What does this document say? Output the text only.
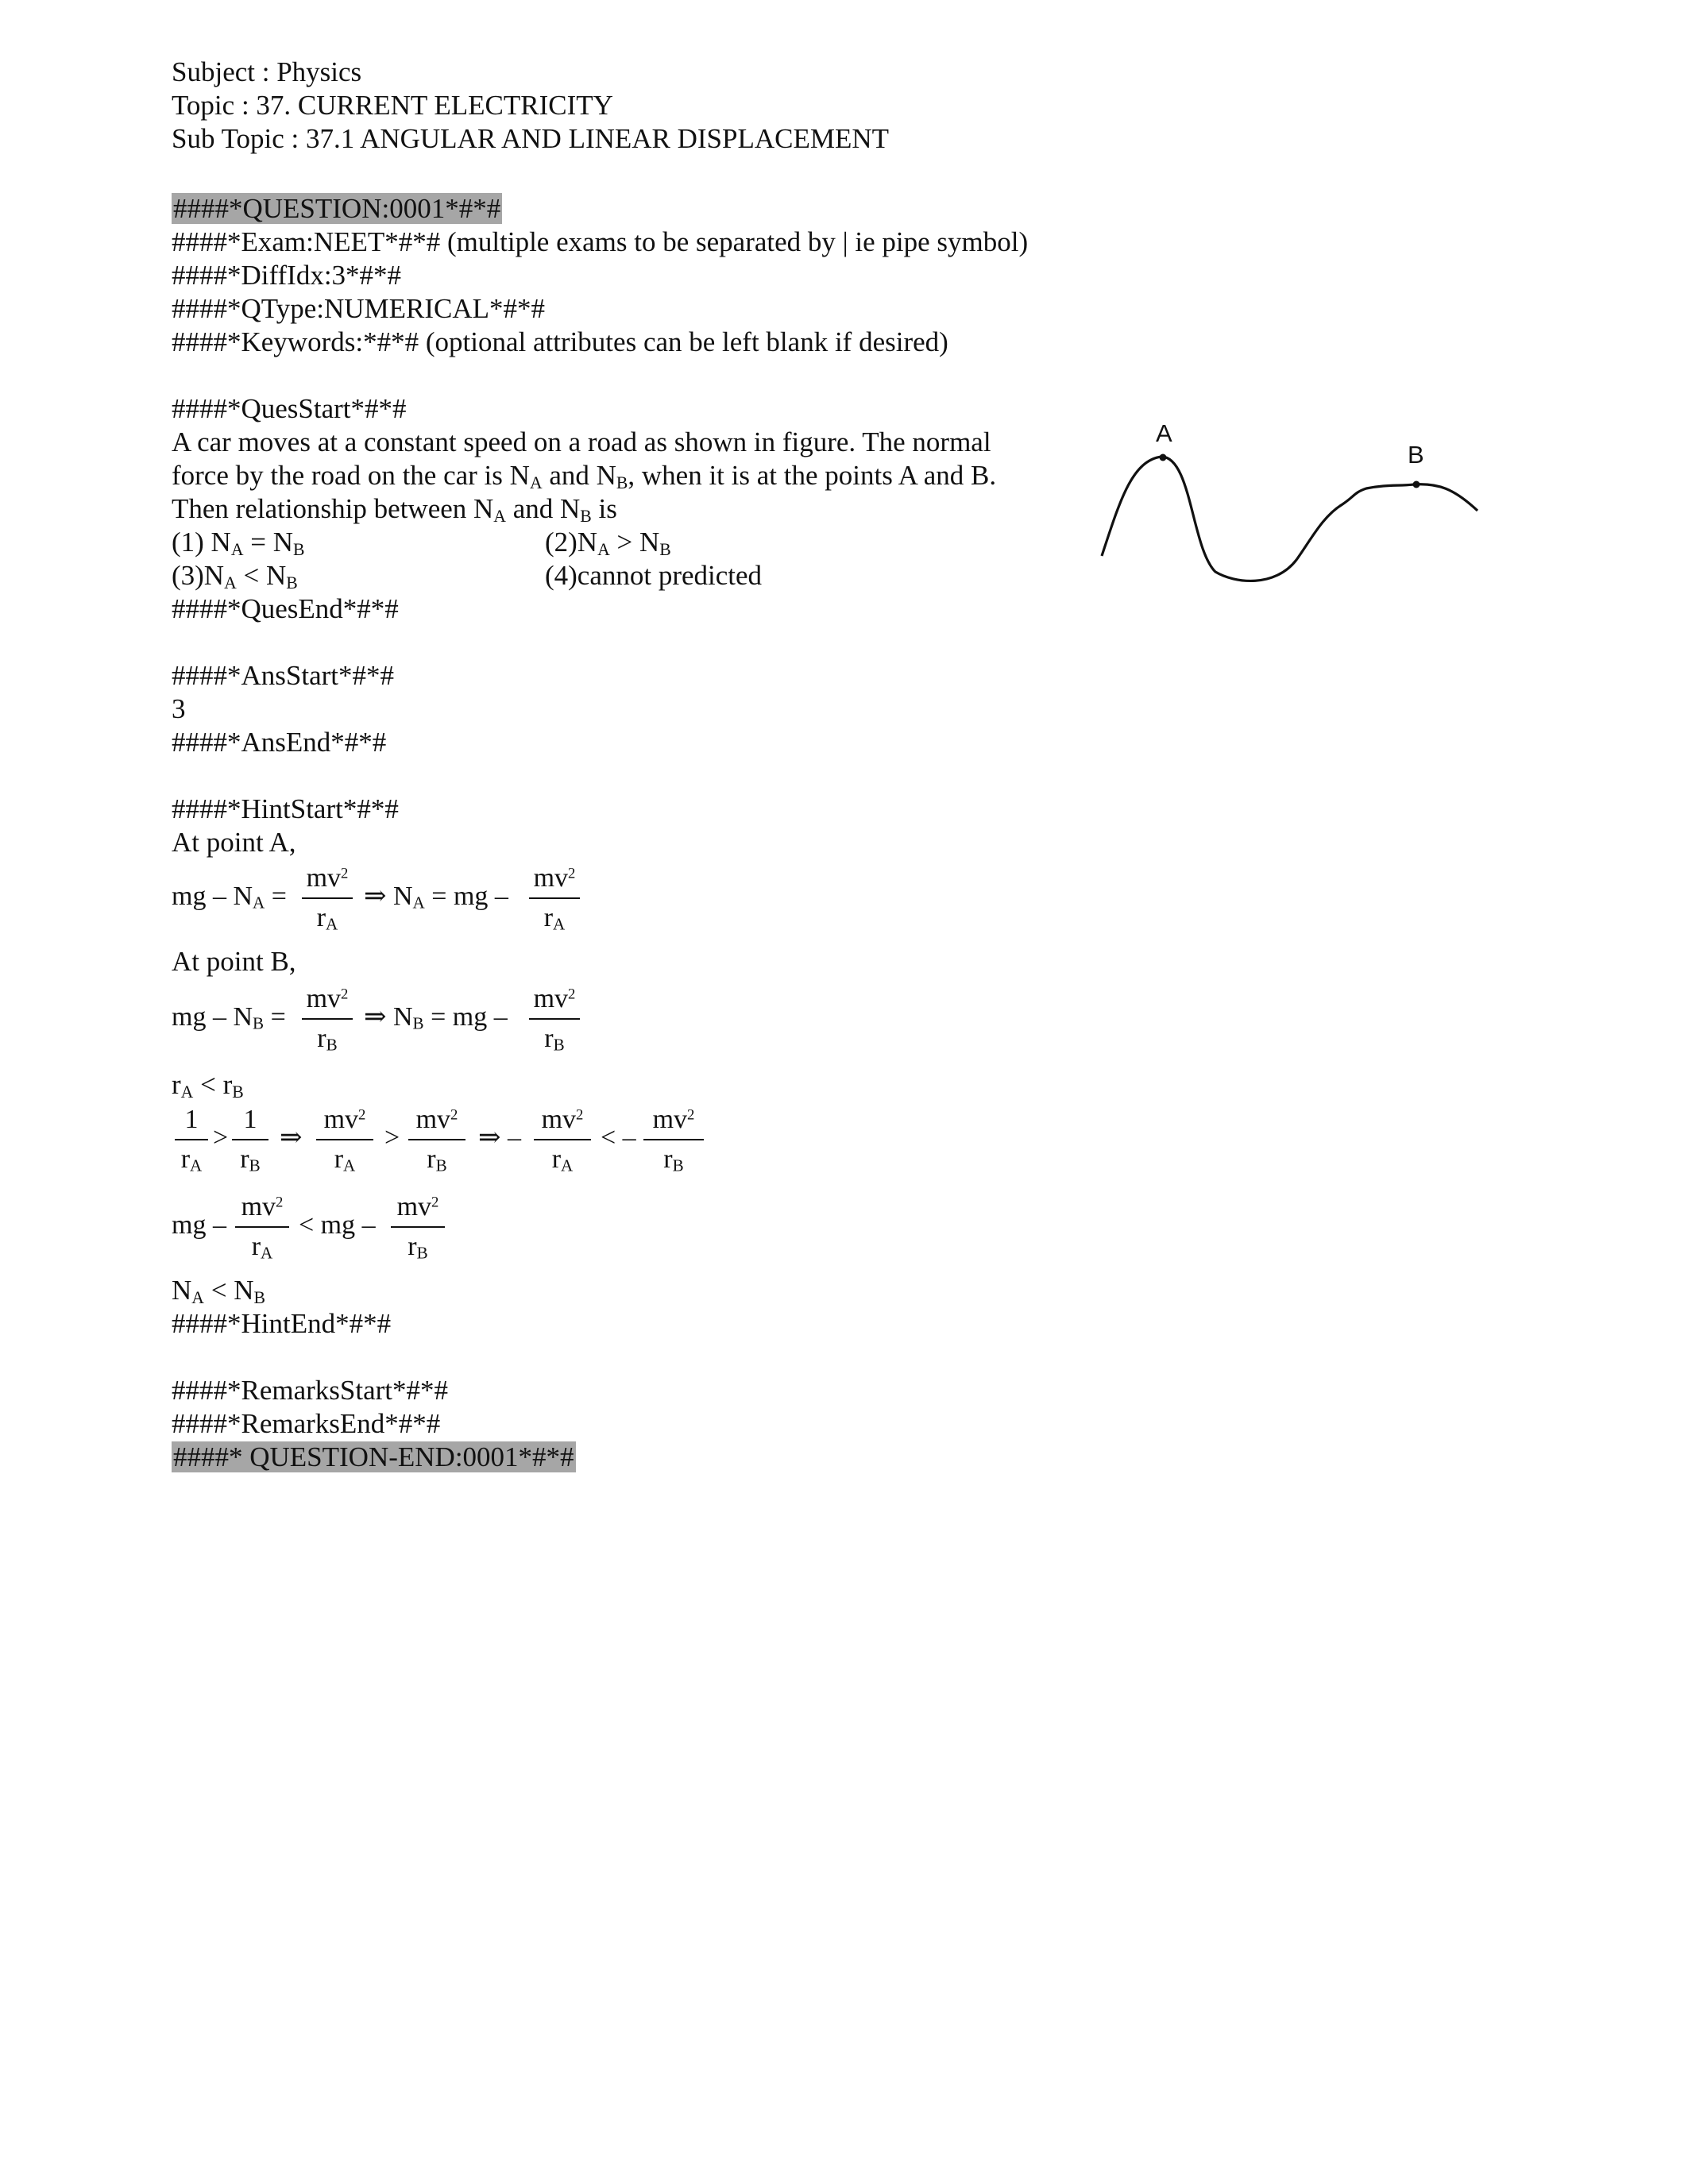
Subject : Physics
Topic : 37. CURRENT ELECTRICITY
Sub Topic : 37.1 ANGULAR AND LINEAR DISPLACEMENT
####*QUESTION:0001*#*#
####*Exam:NEET*#*# (multiple exams to be separated by | ie pipe symbol)
####*DiffIdx:3*#*#
####*QType:NUMERICAL*#*#
####*Keywords:*#*# (optional attributes can be left blank if desired)
####*QuesStart*#*#
A car moves at a constant speed on a road as shown in figure. The normal
force by the road on the car is $N_A$ and $N_B$, when it is at the points A and B.
Then relationship between $N_A$ and $N_B$ is
(1) $N_A = N_B$	$(2)N_A > N_B$
$(3)N_A < N_B$	(4)cannot predicted
####*QuesEnd*#*#
A
B
####*AnsStart*#*#
3
####*AnsEnd*#*#
####*HintStart*#*#
At point A,
mg – $N_A$ =
$mv^2$
$r_A$
⇒ $N_A$ = mg –
$mv^2$
$r_A$
At point B,
mg – $N_B$ =
$mv^2$
$r_B$
⇒ $N_B$ = mg –
$mv^2$
$r_B$
$r_A < r_B$
1
$r_A$
>
1
$r_B$
⇒
$mv^2$
$r_A$
>
$mv^2$
$r_B$
⇒ –
$mv^2$
$r_A$
< –
$mv^2$
$r_B$
mg –
$mv^2$
$r_A$
< mg –
$mv^2$
$r_B$
$N_A < N_B$
####*HintEnd*#*#
####*RemarksStart*#*#
####*RemarksEnd*#*#
####* QUESTION-END:0001*#*#
